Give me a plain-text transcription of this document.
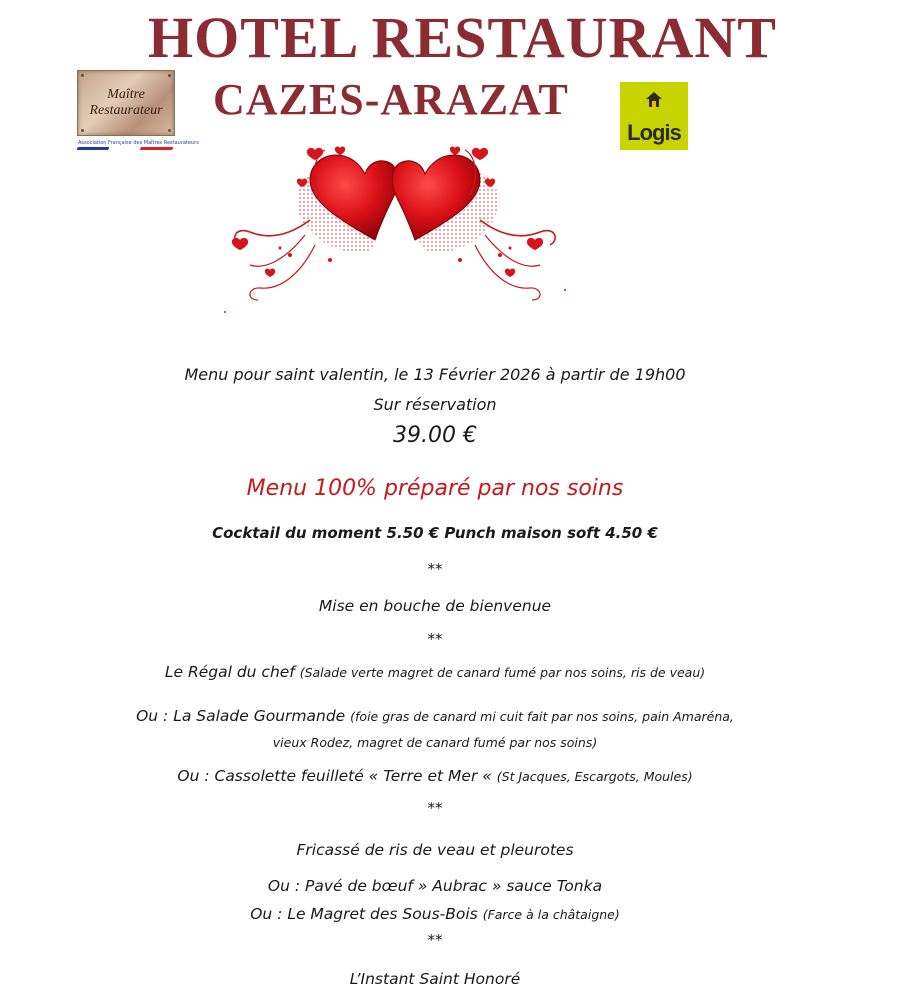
HOTEL RESTAURANT
CAZES-ARAZAT
Maître
Restaurateur
Association Française des Maîtres Restaurateurs	Logis

Menu pour saint valentin, le 13 Février 2026 à partir de 19h00

Sur réservation

39.00 €

Menu 100% préparé par nos soins

Cocktail du moment 5.50 € Punch maison soft 4.50 €

**

Mise en bouche de bienvenue

**

Le Régal du chef (Salade verte magret de canard fumé par nos soins, ris de veau)

Ou : La Salade Gourmande (foie gras de canard mi cuit fait par nos soins, pain Amaréna,

vieux Rodez, magret de canard fumé par nos soins)

Ou : Cassolette feuilleté « Terre et Mer « (St Jacques, Escargots, Moules)

**

Fricassé de ris de veau et pleurotes

Ou : Pavé de bœuf » Aubrac » sauce Tonka

Ou : Le Magret des Sous-Bois (Farce à la châtaigne)

**

L’Instant Saint Honoré
